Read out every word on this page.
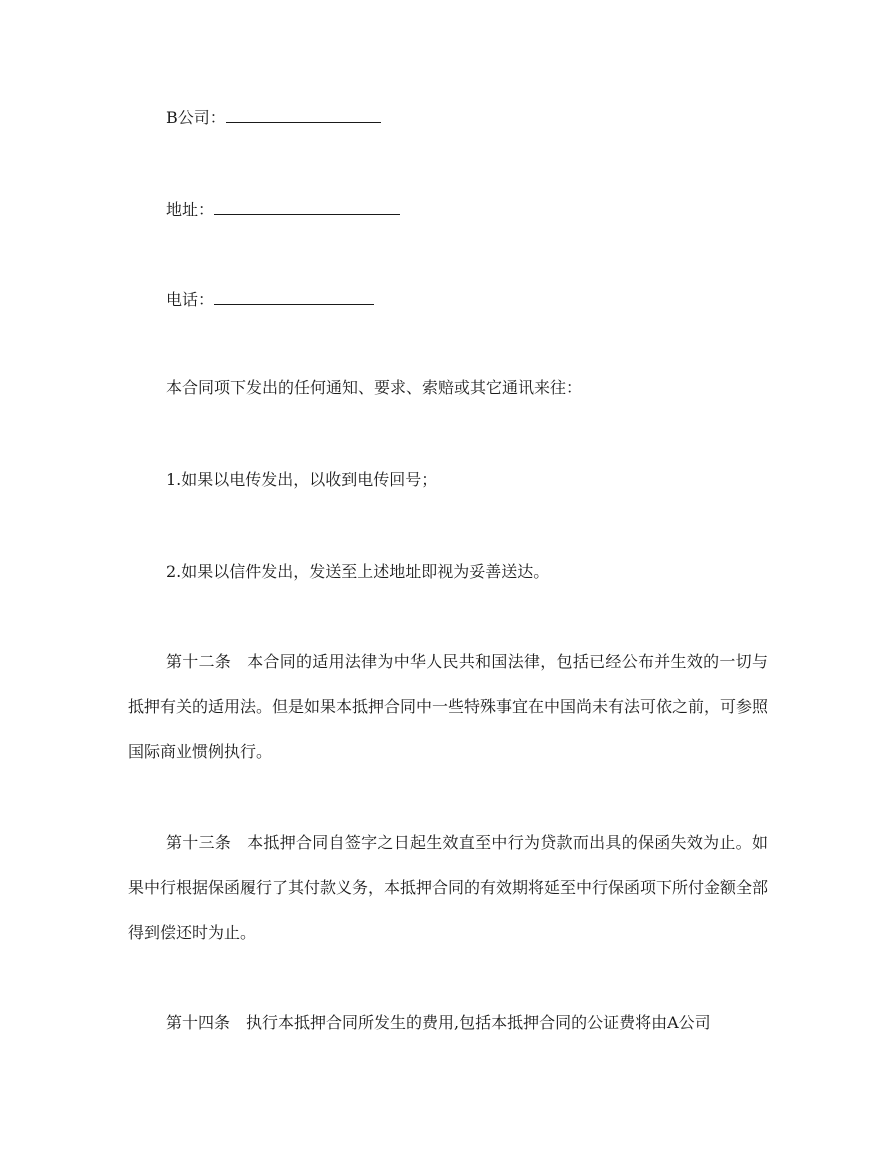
B公司：
地址：
电话：
本合同项下发出的任何通知、要求、索赔或其它通讯来往：
1.如果以电传发出，以收到电传回号；
2.如果以信件发出，发送至上述地址即视为妥善送达。

第十二条 本合同的适用法律为中华人民共和国法律，包括已经公布并生效的一切与抵押有关的适用法。但是如果本抵押合同中一些特殊事宜在中国尚未有法可依之前，可参照国际商业惯例执行。

第十三条 本抵押合同自签字之日起生效直至中行为贷款而出具的保函失效为止。如果中行根据保函履行了其付款义务，本抵押合同的有效期将延至中行保函项下所付金额全部得到偿还时为止。

第十四条 执行本抵押合同所发生的费用,包括本抵押合同的公证费将由A公司
